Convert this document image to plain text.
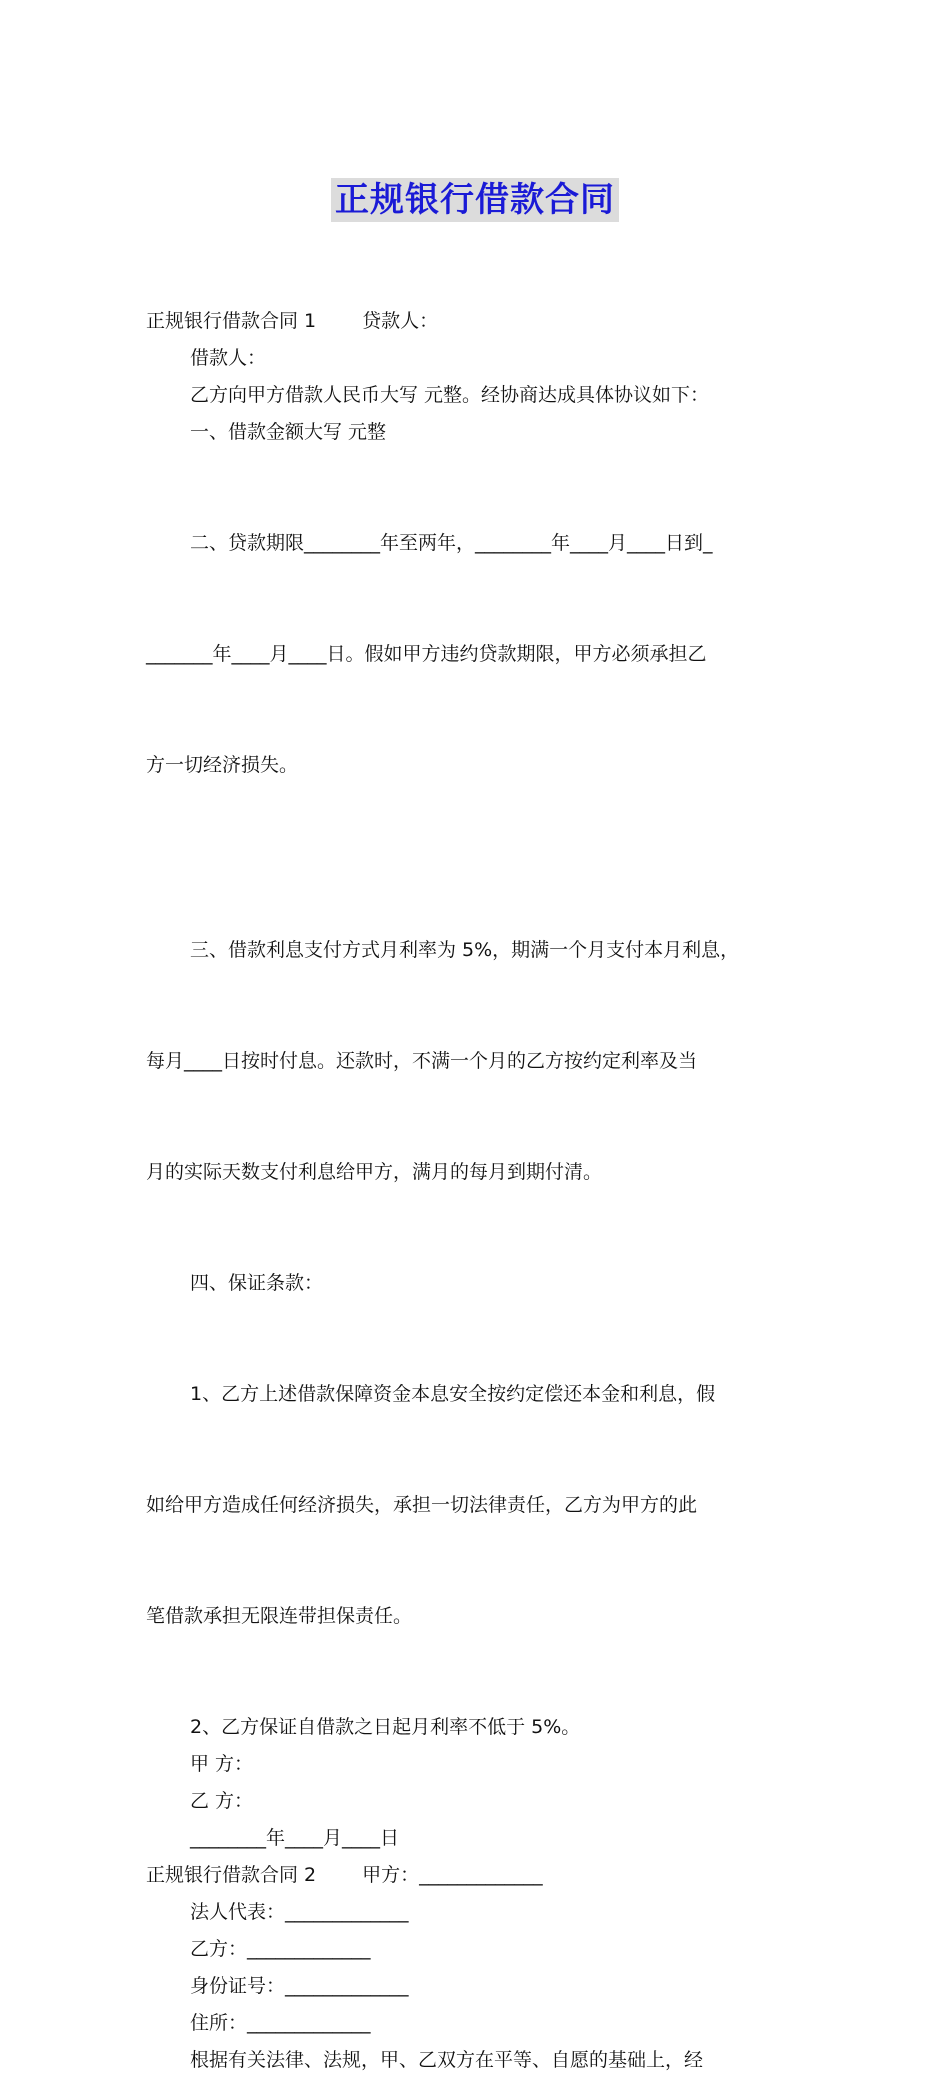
正规银行借款合同

正规银行借款合同 1 贷款人：

借款人：

乙方向甲方借款人民币大写 元整。经协商达成具体协议如下：

一、借款金额大写 元整

二、贷款期限________年至两年，________年____月____日到_

_______年____月____日。假如甲方违约贷款期限，甲方必须承担乙

方一切经济损失。

三、借款利息支付方式月利率为 5%，期满一个月支付本月利息，

每月____日按时付息。还款时，不满一个月的乙方按约定利率及当

月的实际天数支付利息给甲方，满月的每月到期付清。

四、保证条款：

1、乙方上述借款保障资金本息安全按约定偿还本金和利息，假

如给甲方造成任何经济损失，承担一切法律责任，乙方为甲方的此

笔借款承担无限连带担保责任。

2、乙方保证自借款之日起月利率不低于 5%。

甲 方：

乙 方：

________年____月____日

正规银行借款合同 2 甲方：_____________

法人代表：_____________

乙方：_____________

身份证号：_____________

住所：_____________

根据有关法律、法规，甲、乙双方在平等、自愿的基础上，经
